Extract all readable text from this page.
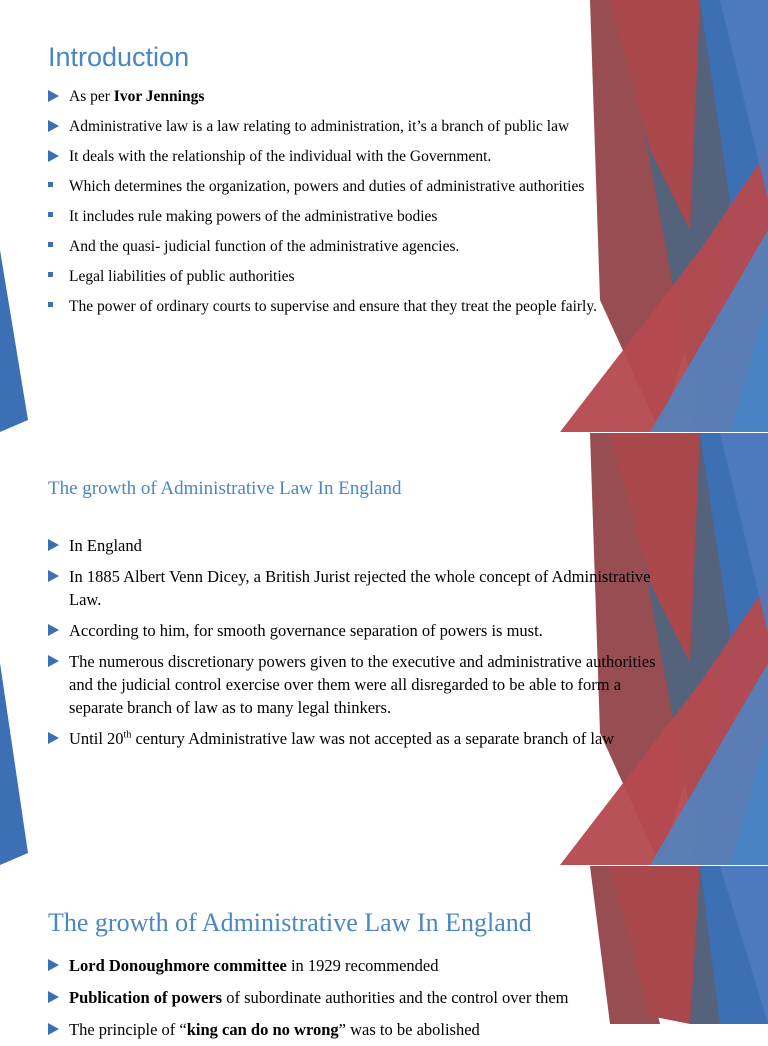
Introduction
As per Ivor Jennings
Administrative law is a law relating to administration, it’s a branch of public law
It deals with the relationship of the individual with the Government.
Which determines the organization, powers and duties of administrative authorities
It includes rule making powers of the administrative bodies
And the quasi- judicial function of the administrative agencies.
Legal liabilities of public authorities
The power of ordinary courts to supervise and ensure that they treat the people fairly.
The growth of Administrative Law In England
In England
In 1885 Albert Venn Dicey, a British Jurist rejected the whole concept of Administrative Law.
According to him, for smooth governance separation of powers is must.
The numerous discretionary powers given to the executive and administrative authorities and the judicial control exercise over them were all disregarded to be able to form a separate branch of law as to many legal thinkers.
Until 20th century Administrative law was not accepted as a separate branch of law
The growth of Administrative Law In England
Lord Donoughmore committee in 1929 recommended
Publication of powers of subordinate authorities and the control over them
The principle of “king can do no wrong” was to be abolished
